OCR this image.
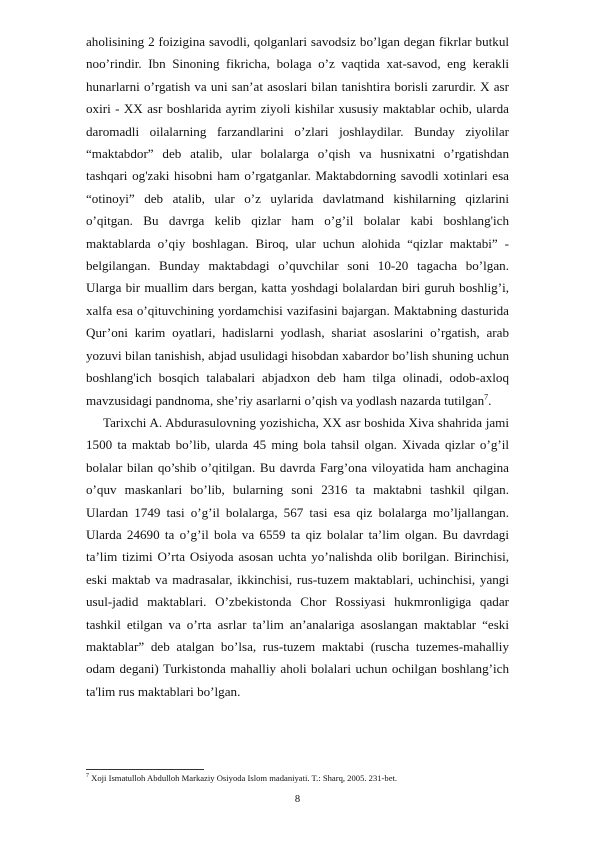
aholisining 2 foizigina savodli, qolganlari savodsiz bo’lgan degan fikrlar butkul noo’rindir. Ibn Sinoning fikricha, bolaga o’z vaqtida xat-savod, eng kerakli hunarlarni o’rgatish va uni san’at asoslari bilan tanishtira borisli zarurdir. X asr oxiri - XX asr boshlarida ayrim ziyoli kishilar xususiy maktablar ochib, ularda daromadli oilalarning farzandlarini o’zlari joshlaydilar. Bunday ziyolilar “maktabdor” deb atalib, ular bolalarga o’qish va husnixatni o’rgatishdan tashqari og'zaki hisobni ham o’rgatganlar. Maktabdorning savodli xotinlari esa “otinoyi” deb atalib, ular o’z uylarida davlatmand kishilarning qizlarini o’qitgan. Bu davrga kelib qizlar ham o’g’il bolalar kabi boshlang'ich maktablarda o’qiy boshlagan. Biroq, ular uchun alohida “qizlar maktabi” - belgilangan. Bunday maktabdagi o’quvchilar soni 10-20 tagacha bo’lgan. Ularga bir muallim dars bergan, katta yoshdagi bolalardan biri guruh boshlig’i, xalfa esa o’qituvchining yordamchisi vazifasini bajargan. Maktabning dasturida Qur’oni karim oyatlari, hadislarni yodlash, shariat asoslarini o’rgatish, arab yozuvi bilan tanishish, abjad usulidagi hisobdan xabardor bo’lish shuning uchun boshlang'ich bosqich talabalari abjadxon deb ham tilga olinadi, odob-axloq mavzusidagi pandnoma, she’riy asarlarni o’qish va yodlash nazarda tutilgan$^7$.

Tarixchi A. Abdurasulovning yozishicha, XX asr boshida Xiva shahrida jami 1500 ta maktab bo’lib, ularda 45 ming bola tahsil olgan. Xivada qizlar o’g’il bolalar bilan qo’shib o’qitilgan. Bu davrda Farg’ona viloyatida ham anchagina o’quv maskanlari bo’lib, bularning soni 2316 ta maktabni tashkil qilgan. Ulardan 1749 tasi o’g’il bolalarga, 567 tasi esa qiz bolalarga mo’ljallangan. Ularda 24690 ta o’g’il bola va 6559 ta qiz bolalar ta’lim olgan. Bu davrdagi ta’lim tizimi O’rta Osiyoda asosan uchta yo’nalishda olib borilgan. Birinchisi, eski maktab va madrasalar, ikkinchisi, rus-tuzem maktablari, uchinchisi, yangi usul-jadid maktablari. O’zbekistonda Chor Rossiyasi hukmronligiga qadar tashkil etilgan va o’rta asrlar ta’lim an’analariga asoslangan maktablar “eski maktablar” deb atalgan bo’lsa, rus-tuzem maktabi (ruscha tuzemes-mahalliy odam degani) Turkistonda mahalliy aholi bolalari uchun ochilgan boshlang’ich ta'lim rus maktablari bo’lgan.

$^7$ Xoji Ismatulloh Abdulloh Markaziy Osiyoda Islom madaniyati. T.: Sharq, 2005. 231-bet.
8
